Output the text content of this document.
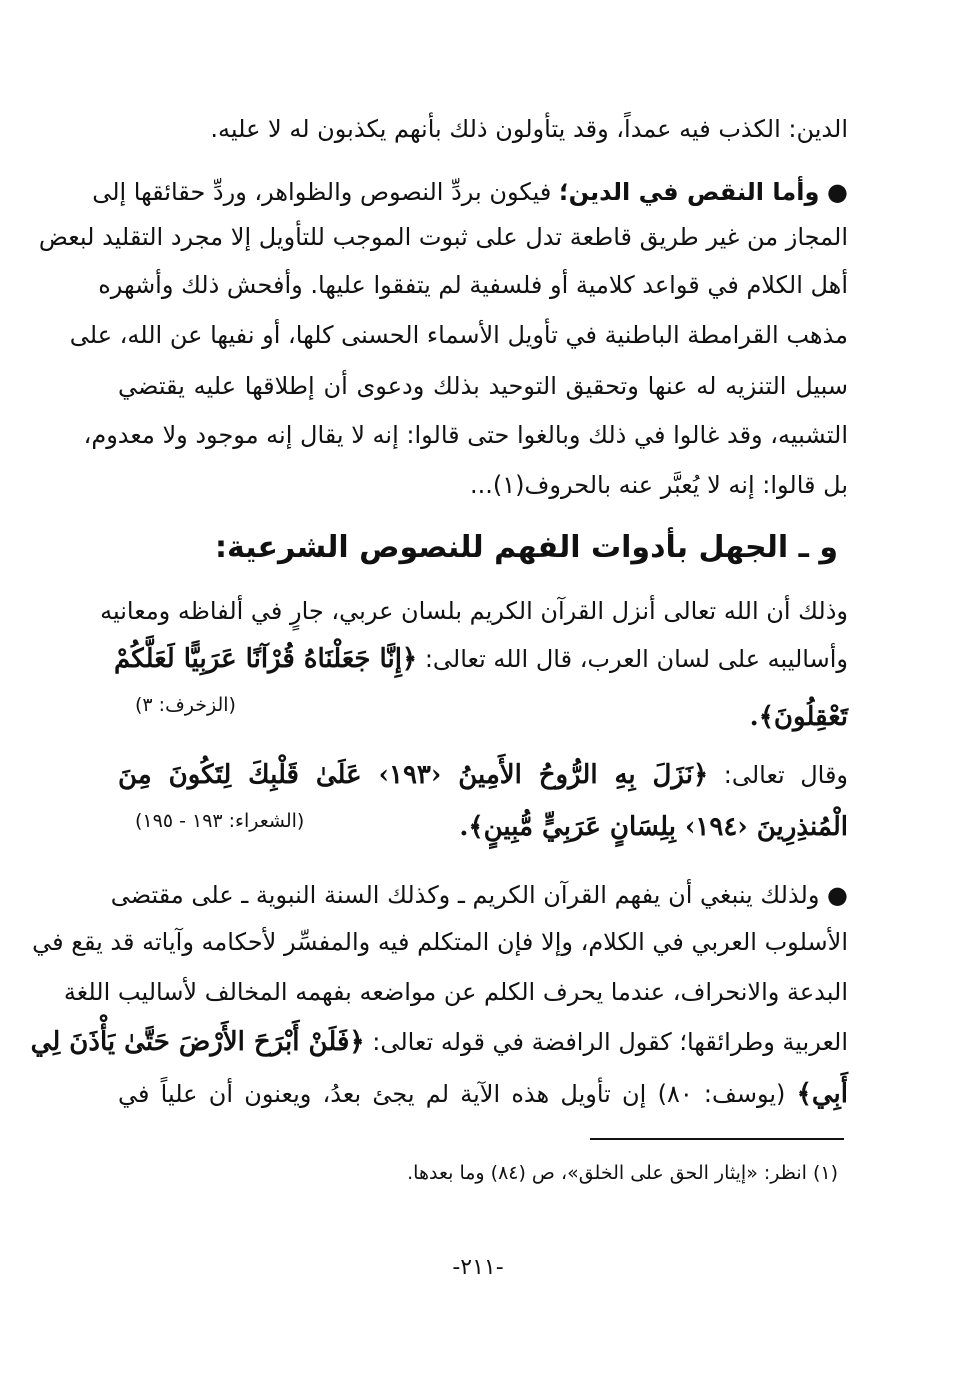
الدين: الكذب فيه عمداً، وقد يتأولون ذلك بأنهم يكذبون له لا عليه.
● وأما النقص في الدين؛ فيكون بردِّ النصوص والظواهر، وردِّ حقائقها إلى
المجاز من غير طريق قاطعة تدل على ثبوت الموجب للتأويل إلا مجرد التقليد لبعض
أهل الكلام في قواعد كلامية أو فلسفية لم يتفقوا عليها. وأفحش ذلك وأشهره
مذهب القرامطة الباطنية في تأويل الأسماء الحسنى كلها، أو نفيها عن الله، على
سبيل التنزيه له عنها وتحقيق التوحيد بذلك ودعوى أن إطلاقها عليه يقتضي
التشبيه، وقد غالوا في ذلك وبالغوا حتى قالوا: إنه لا يقال إنه موجود ولا معدوم،
بل قالوا: إنه لا يُعبَّر عنه بالحروف(١)...
و ـ الجهل بأدوات الفهم للنصوص الشرعية:
وذلك أن الله تعالى أنزل القرآن الكريم بلسان عربي، جارٍ في ألفاظه ومعانيه
وأساليبه على لسان العرب، قال الله تعالى: ﴿إِنَّا جَعَلْنَاهُ قُرْآنًا عَرَبِيًّا لَعَلَّكُمْ
تَعْقِلُونَ﴾.
(الزخرف: ٣)
وقال تعالى: ﴿نَزَلَ بِهِ الرُّوحُ الأَمِينُ ‹١٩٣› عَلَىٰ قَلْبِكَ لِتَكُونَ مِنَ
الْمُنذِرِينَ ‹١٩٤› بِلِسَانٍ عَرَبِيٍّ مُّبِينٍ﴾.
(الشعراء: ١٩٣ - ١٩٥)
● ولذلك ينبغي أن يفهم القرآن الكريم ـ وكذلك السنة النبوية ـ على مقتضى
الأسلوب العربي في الكلام، وإلا فإن المتكلم فيه والمفسِّر لأحكامه وآياته قد يقع في
البدعة والانحراف، عندما يحرف الكلم عن مواضعه بفهمه المخالف لأساليب اللغة
العربية وطرائقها؛ كقول الرافضة في قوله تعالى: ﴿فَلَنْ أَبْرَحَ الأَرْضَ حَتَّىٰ يَأْذَنَ لِي
أَبِي﴾ (يوسف: ٨٠) إن تأويل هذه الآية لم يجئ بعدُ، ويعنون أن علياً في
(١) انظر: «إيثار الحق على الخلق»، ص (٨٤) وما بعدها.
-٢١١-
